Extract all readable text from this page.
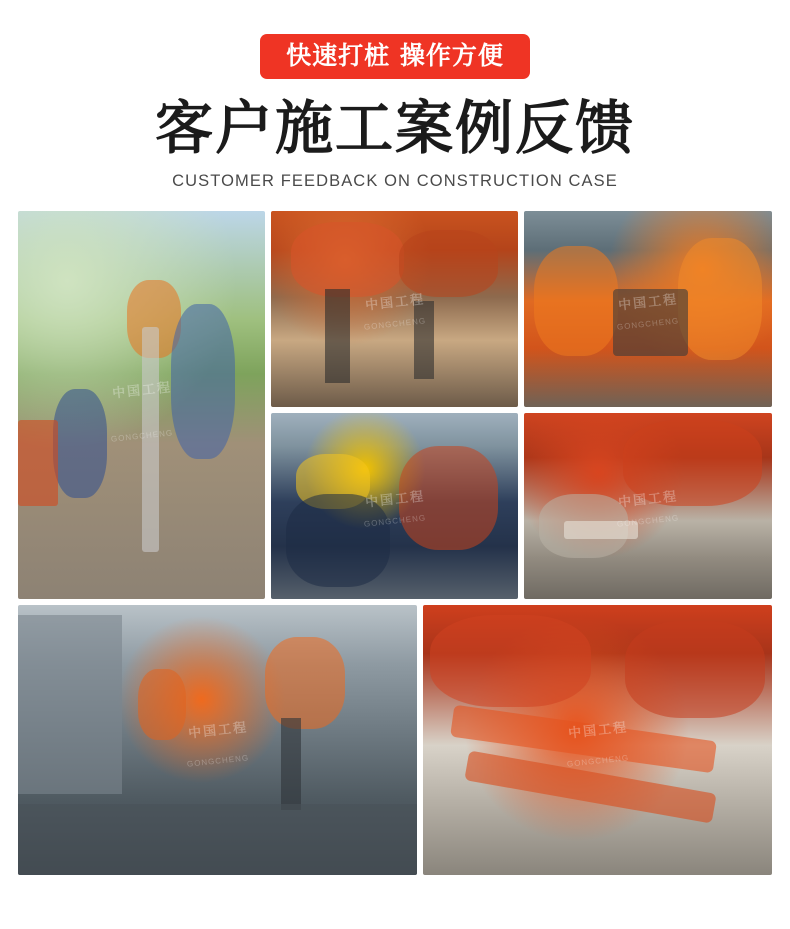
快速打桩 操作方便
客户施工案例反馈
CUSTOMER FEEDBACK ON CONSTRUCTION CASE
中国工程
GONGCHENG
中国工程
GONGCHENG
中国工程
GONGCHENG
中国工程
GONGCHENG
中国工程
GONGCHENG
中国工程
GONGCHENG
中国工程
GONGCHENG
